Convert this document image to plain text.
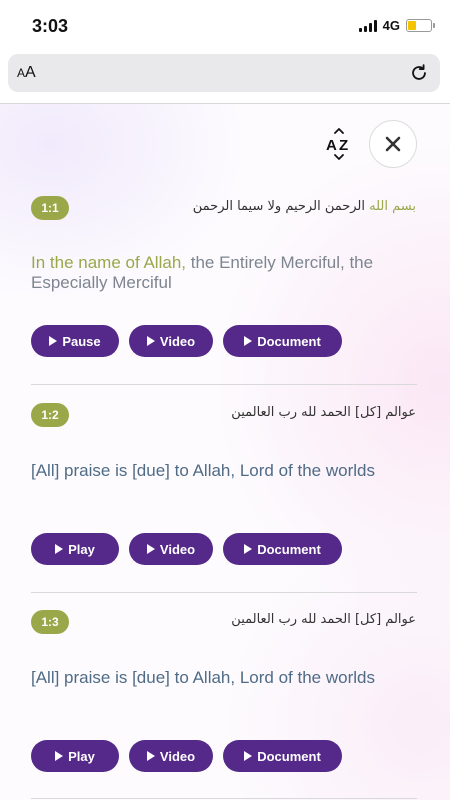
3:03	4G
AA
A Z
1:1	بسم الله الرحمن الرحيم ولا سيما الرحمن
In the name of Allah, the Entirely Merciful, the Especially Merciful
Pause	Video	Document
1:2	عوالم [كل] الحمد لله رب العالمين
[All] praise is [due] to Allah, Lord of the worlds
Play	Video	Document
1:3	عوالم [كل] الحمد لله رب العالمين
[All] praise is [due] to Allah, Lord of the worlds
Play	Video	Document
